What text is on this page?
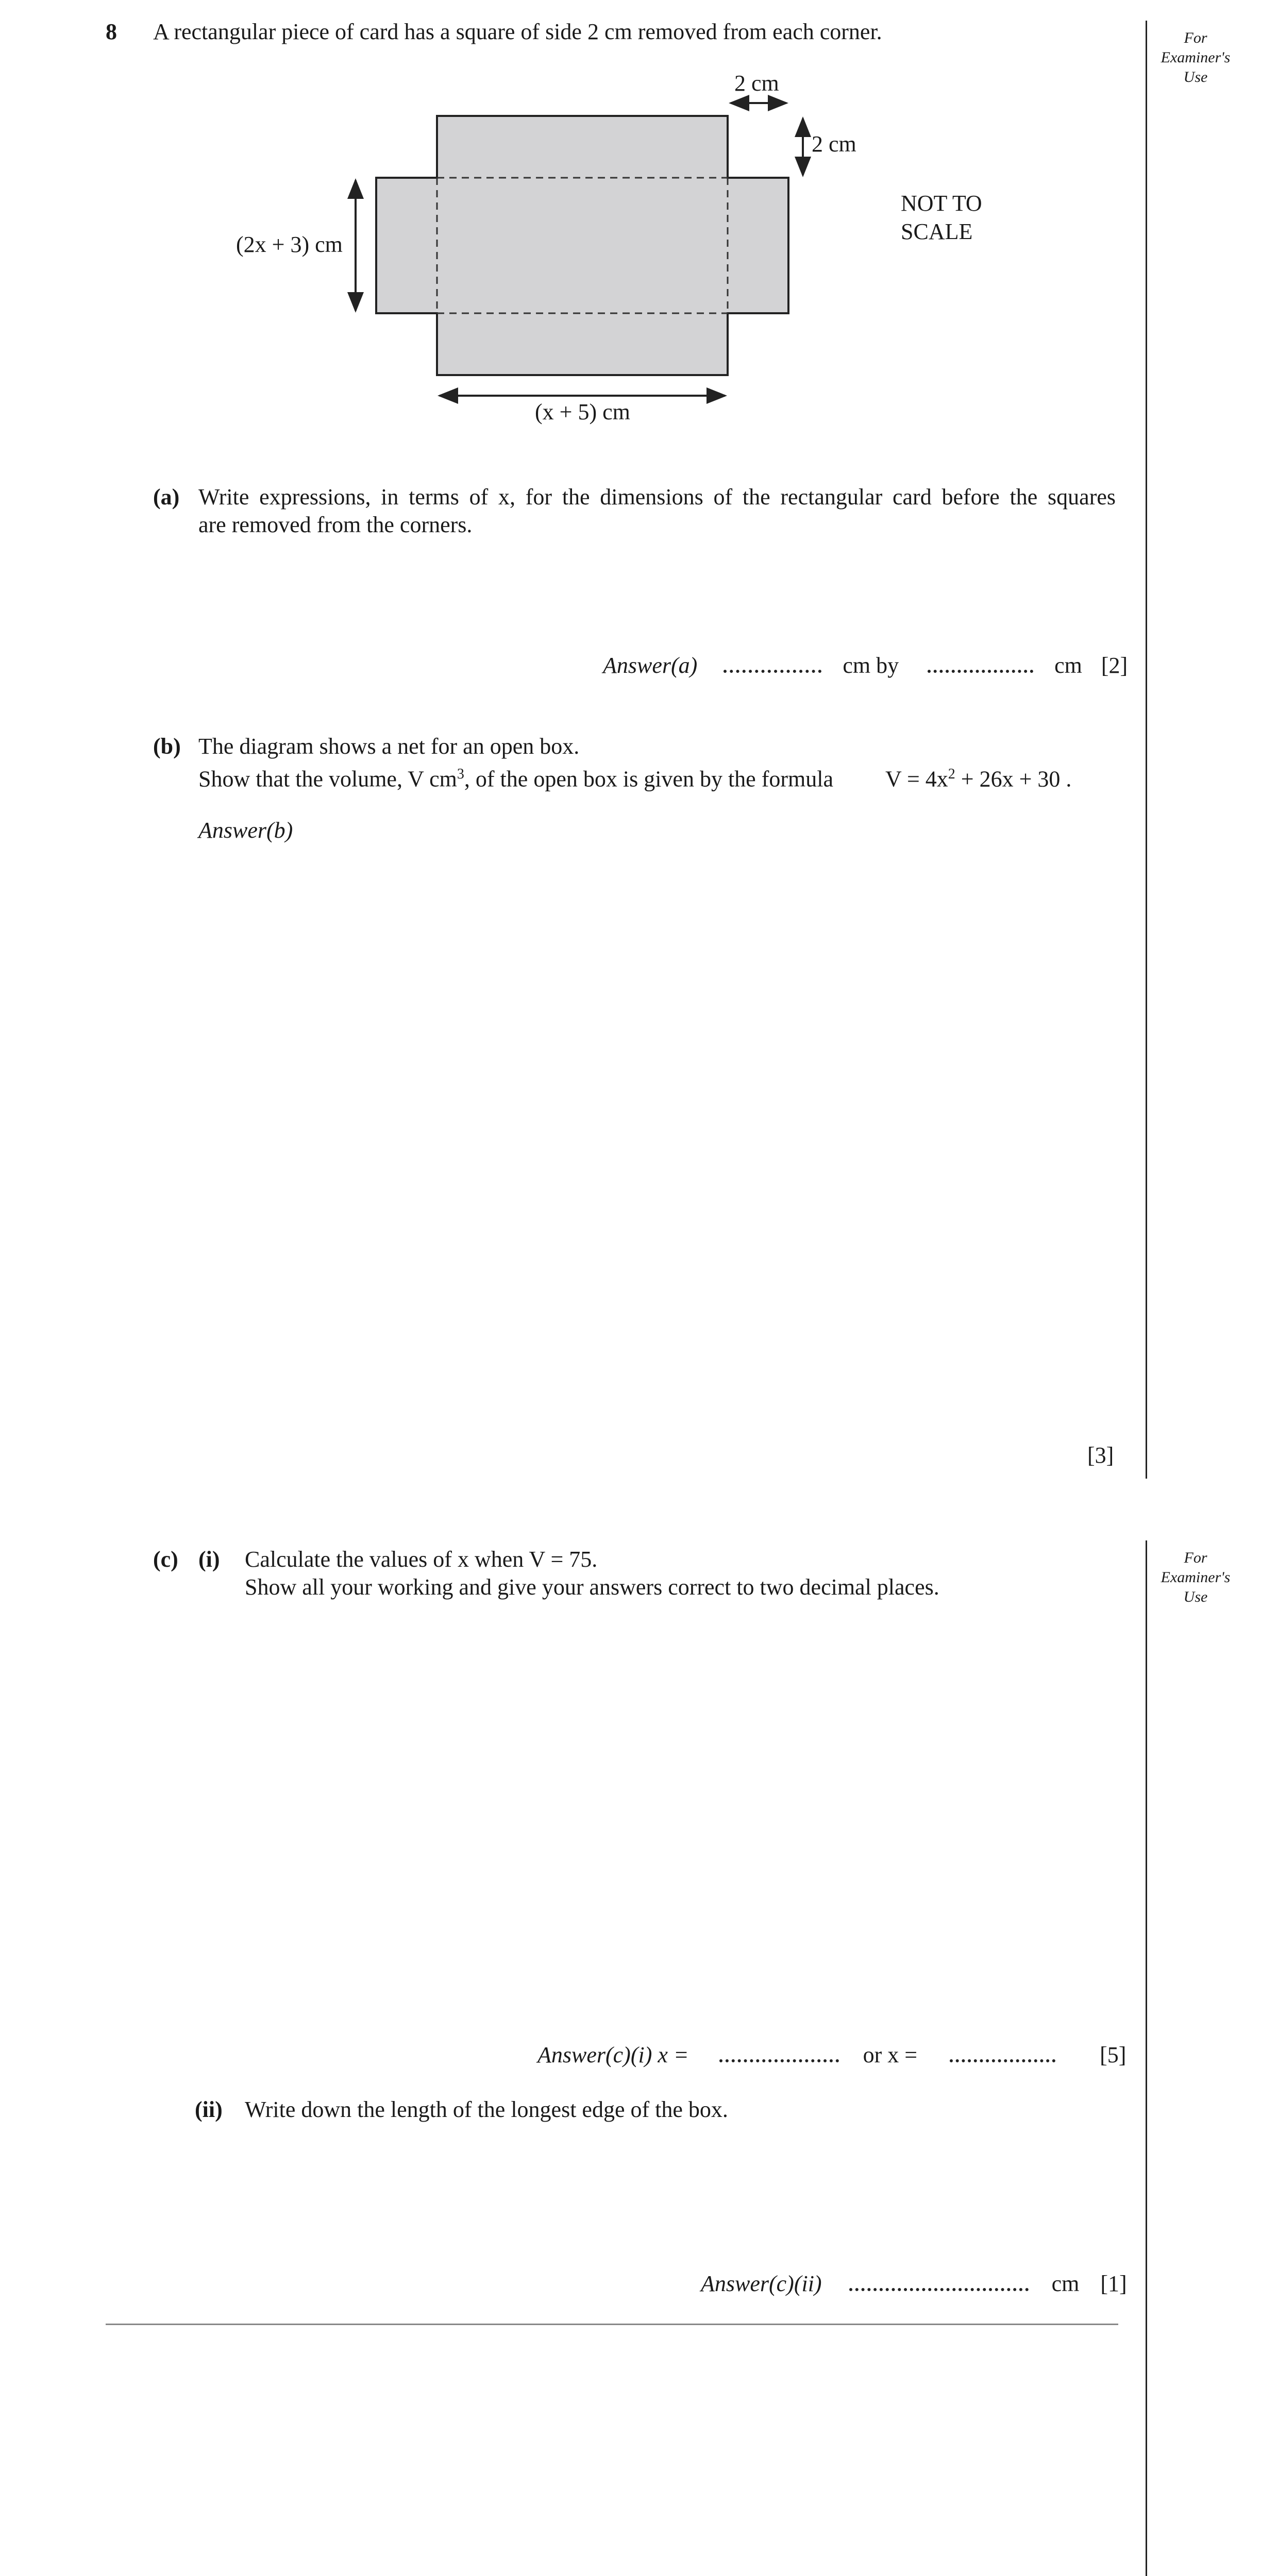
For
Examiner's
Use
For
Examiner's
Use
8 A rectangular piece of card has a square of side 2 cm removed from each corner.
2 cm
2 cm
(2x + 3) cm
(x + 5) cm
NOT TO
SCALE
(a) Write expressions, in terms of x, for the dimensions of the rectangular card before the squares
are removed from the corners.
Answer(a)	cm by	cm [2]
(b) The diagram shows a net for an open box.
Show that the volume, V $cm^3$, of the open box is given by the formula $V = 4x^2 + 26x + 30$ .
Answer(b)
[3]
(c) (i) Calculate the values of x when V = 75.
Show all your working and give your answers correct to two decimal places.
Answer(c)(i) x =	or x =	[5]
(ii) Write down the length of the longest edge of the box.
Answer(c)(ii)	cm [1]
